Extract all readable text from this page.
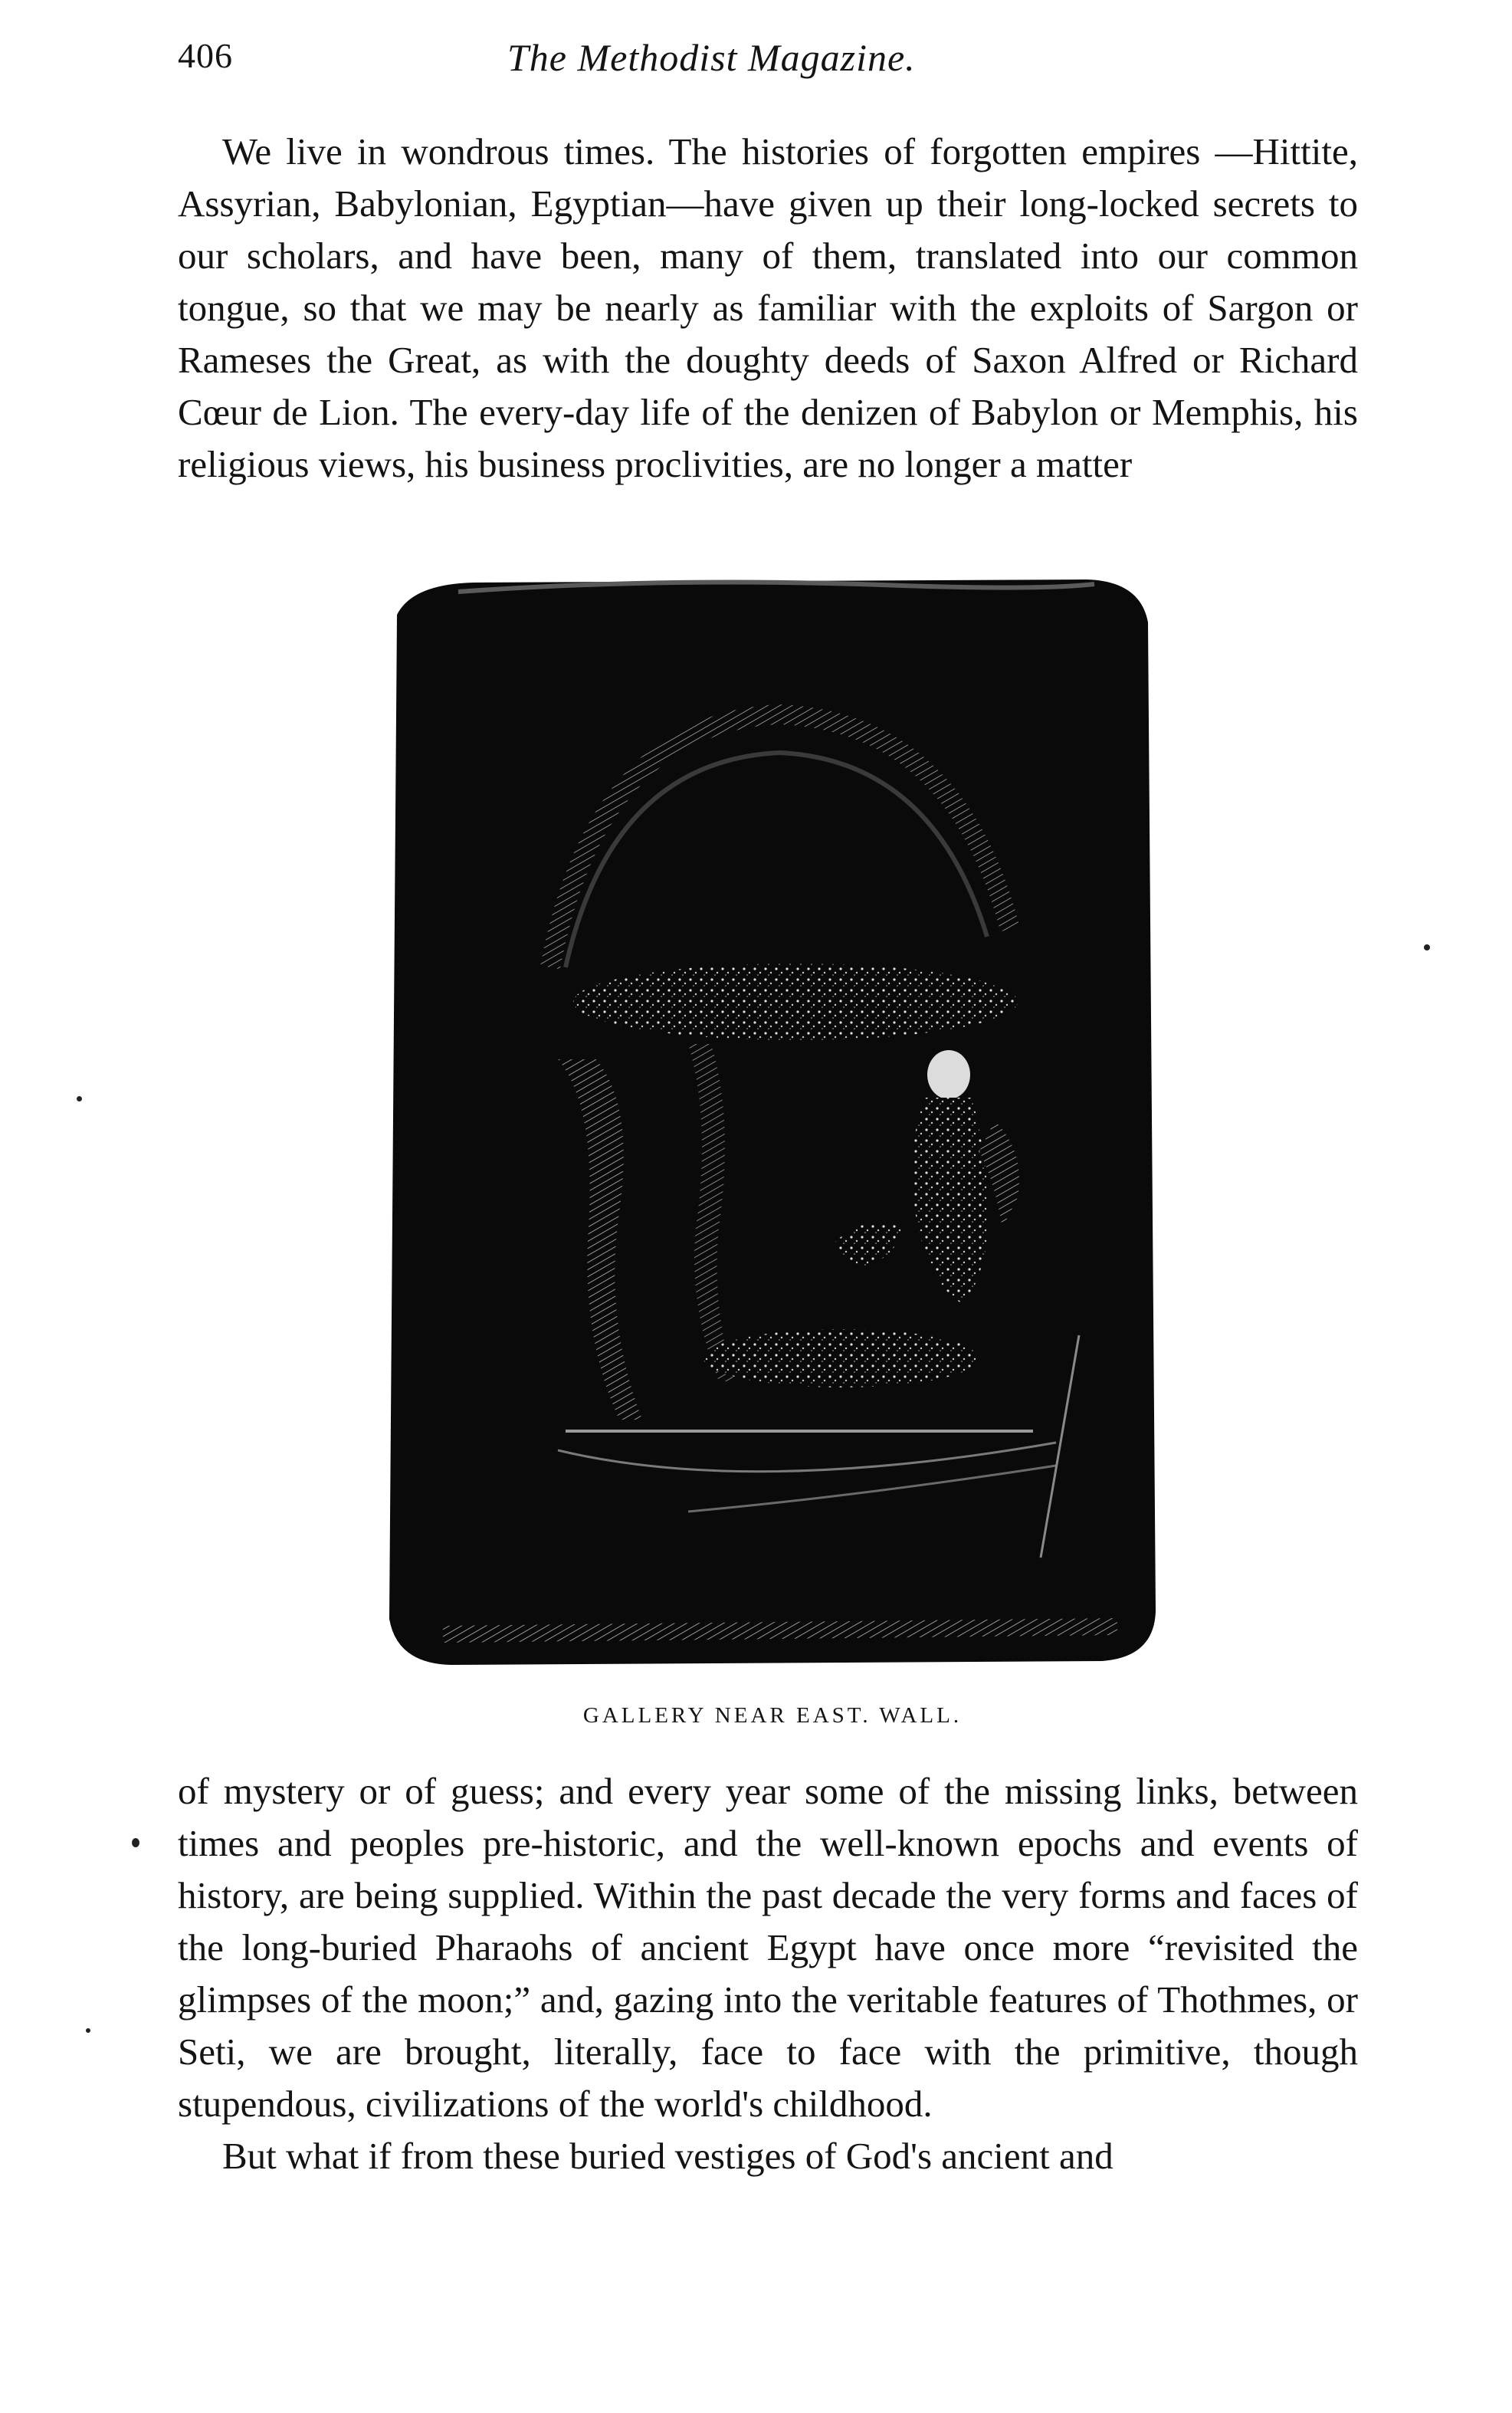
406	The Methodist Magazine.

We live in wondrous times. The histories of forgotten empires —Hittite, Assyrian, Babylonian, Egyptian—have given up their long-locked secrets to our scholars, and have been, many of them, translated into our common tongue, so that we may be nearly as familiar with the exploits of Sargon or Rameses the Great, as with the doughty deeds of Saxon Alfred or Richard Cœur de Lion. The every-day life of the denizen of Babylon or Memphis, his religious views, his business proclivities, are no longer a matter

GALLERY NEAR EAST. WALL.

of mystery or of guess; and every year some of the missing links, between times and peoples pre-historic, and the well-known epochs and events of history, are being supplied. Within the past decade the very forms and faces of the long-buried Pharaohs of ancient Egypt have once more “revisited the glimpses of the moon;” and, gazing into the veritable features of Thothmes, or Seti, we are brought, literally, face to face with the primitive, though stupendous, civilizations of the world's childhood.

But what if from these buried vestiges of God's ancient and
